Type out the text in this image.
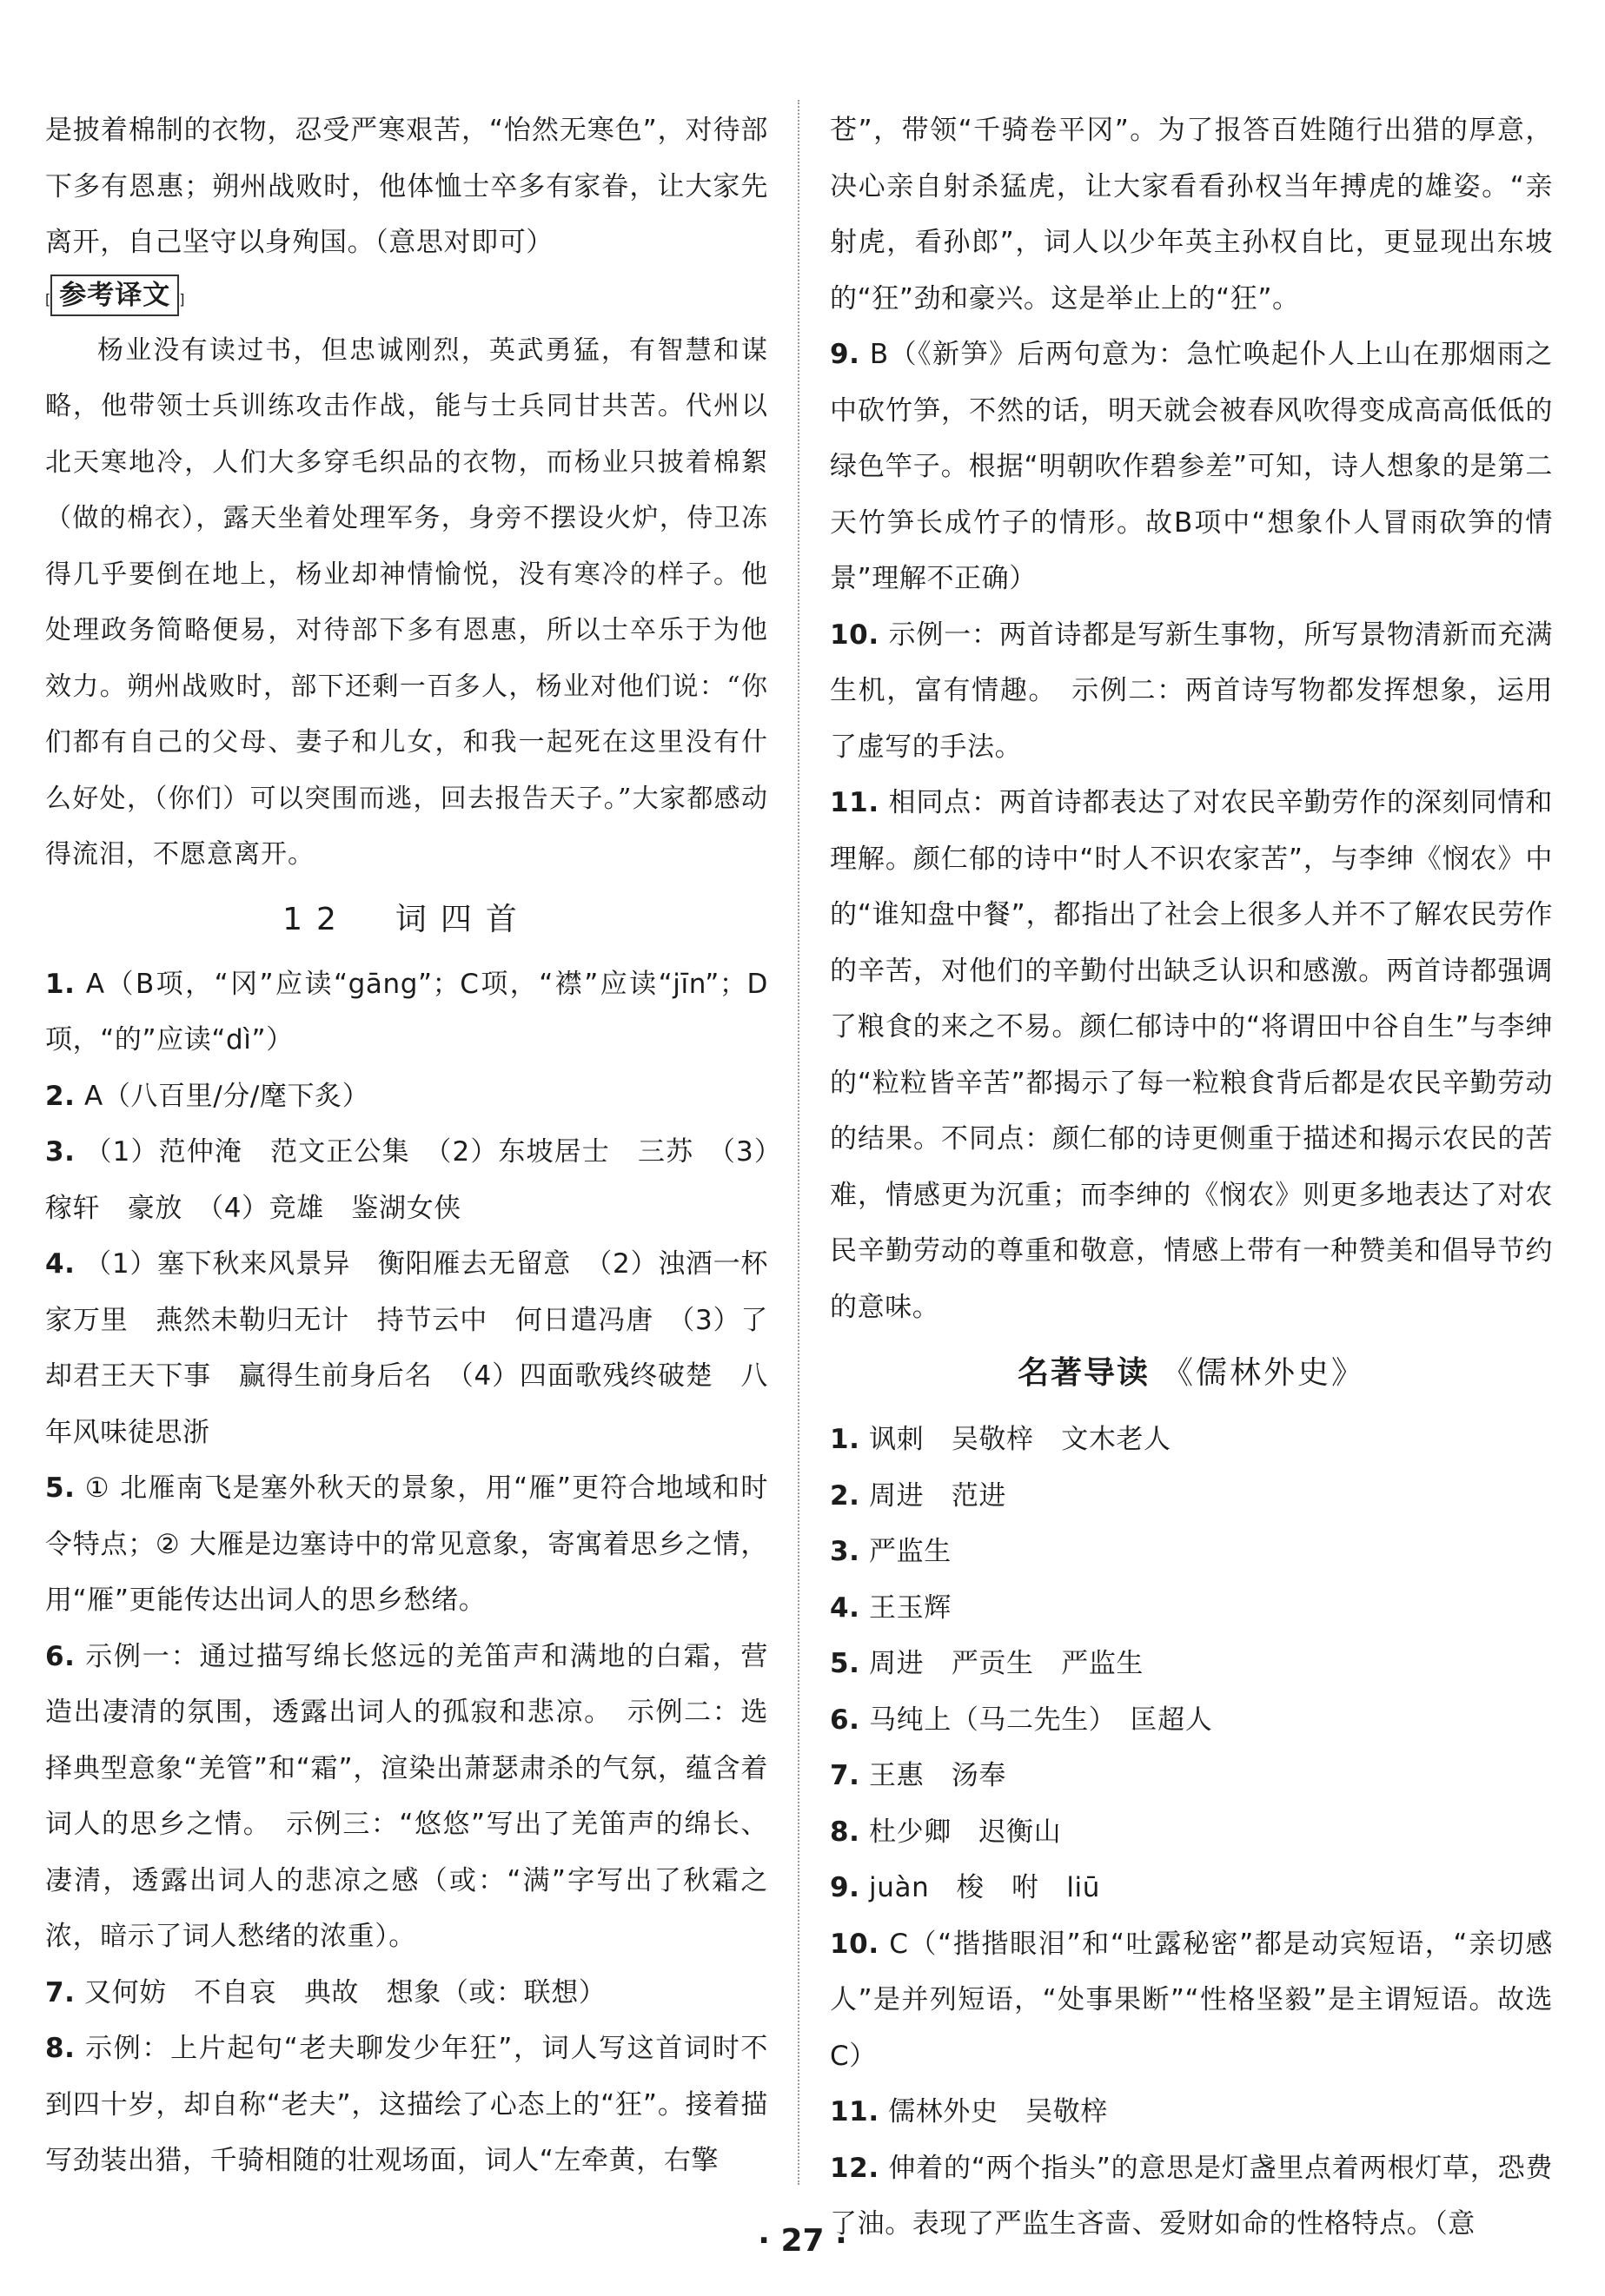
是披着棉制的衣物，忍受严寒艰苦，“怡然无寒色”，对待部下多有恩惠；朔州战败时，他体恤士卒多有家眷，让大家先离开，自己坚守以身殉国。（意思对即可）

[ 参考译文 ]

杨业没有读过书，但忠诚刚烈，英武勇猛，有智慧和谋略，他带领士兵训练攻击作战，能与士兵同甘共苦。代州以北天寒地冷，人们大多穿毛织品的衣物，而杨业只披着棉絮（做的棉衣），露天坐着处理军务，身旁不摆设火炉，侍卫冻得几乎要倒在地上，杨业却神情愉悦，没有寒冷的样子。他处理政务简略便易，对待部下多有恩惠，所以士卒乐于为他效力。朔州战败时，部下还剩一百多人，杨业对他们说：“你们都有自己的父母、妻子和儿女，和我一起死在这里没有什么好处，（你们）可以突围而逃，回去报告天子。”大家都感动得流泪，不愿意离开。

12　词四首

1. A（B项，“冈”应读“gāng”；C项，“襟”应读“jīn”；D项，“的”应读“dì”）

2. A（八百里/分/麾下炙）

3. （1）范仲淹　范文正公集　（2）东坡居士　三苏　（3）稼轩　豪放　（4）竞雄　鉴湖女侠

4. （1）塞下秋来风景异　衡阳雁去无留意　（2）浊酒一杯家万里　燕然未勒归无计　持节云中　何日遣冯唐　（3）了却君王天下事　赢得生前身后名　（4）四面歌残终破楚　八年风味徒思浙

5. ① 北雁南飞是塞外秋天的景象，用“雁”更符合地域和时令特点；② 大雁是边塞诗中的常见意象，寄寓着思乡之情，用“雁”更能传达出词人的思乡愁绪。

6. 示例一：通过描写绵长悠远的羌笛声和满地的白霜，营造出凄清的氛围，透露出词人的孤寂和悲凉。　示例二：选择典型意象“羌管”和“霜”，渲染出萧瑟肃杀的气氛，蕴含着词人的思乡之情。　示例三：“悠悠”写出了羌笛声的绵长、凄清，透露出词人的悲凉之感（或：“满”字写出了秋霜之浓，暗示了词人愁绪的浓重）。

7. 又何妨　不自哀　典故　想象（或：联想）

8. 示例：上片起句“老夫聊发少年狂”，词人写这首词时不到四十岁，却自称“老夫”，这描绘了心态上的“狂”。接着描写劲装出猎，千骑相随的壮观场面，词人“左牵黄，右擎

苍”，带领“千骑卷平冈”。为了报答百姓随行出猎的厚意，决心亲自射杀猛虎，让大家看看孙权当年搏虎的雄姿。“亲射虎，看孙郎”，词人以少年英主孙权自比，更显现出东坡的“狂”劲和豪兴。这是举止上的“狂”。

9. B（《新笋》后两句意为：急忙唤起仆人上山在那烟雨之中砍竹笋，不然的话，明天就会被春风吹得变成高高低低的绿色竿子。根据“明朝吹作碧参差”可知，诗人想象的是第二天竹笋长成竹子的情形。故B项中“想象仆人冒雨砍笋的情景”理解不正确）

10. 示例一：两首诗都是写新生事物，所写景物清新而充满生机，富有情趣。　示例二：两首诗写物都发挥想象，运用了虚写的手法。

11. 相同点：两首诗都表达了对农民辛勤劳作的深刻同情和理解。颜仁郁的诗中“时人不识农家苦”，与李绅《悯农》中的“谁知盘中餐”，都指出了社会上很多人并不了解农民劳作的辛苦，对他们的辛勤付出缺乏认识和感激。两首诗都强调了粮食的来之不易。颜仁郁诗中的“将谓田中谷自生”与李绅的“粒粒皆辛苦”都揭示了每一粒粮食背后都是农民辛勤劳动的结果。不同点：颜仁郁的诗更侧重于描述和揭示农民的苦难，情感更为沉重；而李绅的《悯农》则更多地表达了对农民辛勤劳动的尊重和敬意，情感上带有一种赞美和倡导节约的意味。

名著导读 《儒林外史》

1. 讽刺　吴敬梓　文木老人

2. 周进　范进

3. 严监生

4. 王玉辉

5. 周进　严贡生　严监生

6. 马纯上（马二先生）　匡超人

7. 王惠　汤奉

8. 杜少卿　迟衡山

9. juàn　梭　咐　liū

10. C（“揩揩眼泪”和“吐露秘密”都是动宾短语，“亲切感人”是并列短语，“处事果断”“性格坚毅”是主谓短语。故选C）

11. 儒林外史　吴敬梓

12. 伸着的“两个指头”的意思是灯盏里点着两根灯草，恐费了油。表现了严监生吝啬、爱财如命的性格特点。（意

· 27 ·
